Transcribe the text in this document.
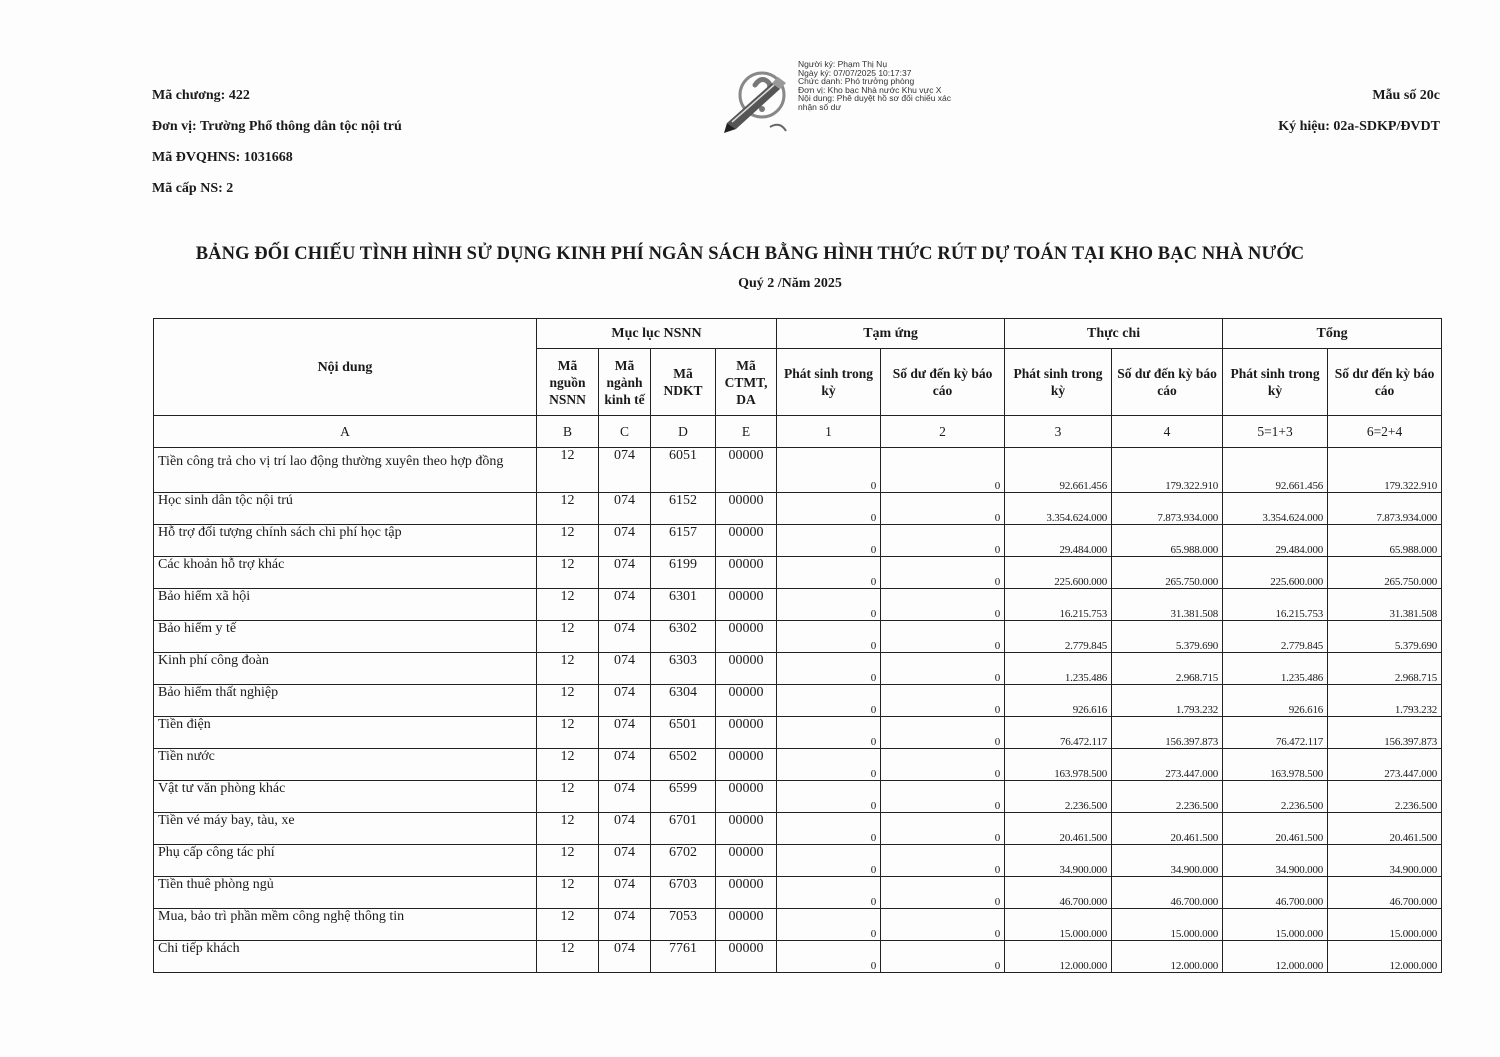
Mã chương: 422
Đơn vị: Trường Phổ thông dân tộc nội trú
Mã ĐVQHNS: 1031668
Mã cấp NS: 2
Người ký: Phạm Thị Nụ
Ngày ký: 07/07/2025 10:17:37
Chức danh: Phó trưởng phòng
Đơn vị: Kho bạc Nhà nước Khu vực X
Nội dung: Phê duyệt hồ sơ đối chiếu xác nhận số dư
Mẫu số 20c
Ký hiệu: 02a-SDKP/ĐVDT
BẢNG ĐỐI CHIẾU TÌNH HÌNH SỬ DỤNG KINH PHÍ NGÂN SÁCH BẰNG HÌNH THỨC RÚT DỰ TOÁN TẠI KHO BẠC NHÀ NƯỚC
Quý 2 /Năm 2025
Nội dung	Mục lục NSNN				Tạm ứng		Thực chi		Tổng	
	Mã nguồn NSNN	Mã ngành kinh tế	Mã NDKT	Mã CTMT, DA	Phát sinh trong kỳ	Số dư đến kỳ báo cáo	Phát sinh trong kỳ	Số dư đến kỳ báo cáo	Phát sinh trong kỳ	Số dư đến kỳ báo cáo
A	B	C	D	E	1	2	3	4	5=1+3	6=2+4
Tiền công trả cho vị trí lao động thường xuyên theo hợp đồng	12	074	6051	00000	0	0	92.661.456	179.322.910	92.661.456	179.322.910
Học sinh dân tộc nội trú	12	074	6152	00000	0	0	3.354.624.000	7.873.934.000	3.354.624.000	7.873.934.000
Hỗ trợ đối tượng chính sách chi phí học tập	12	074	6157	00000	0	0	29.484.000	65.988.000	29.484.000	65.988.000
Các khoản hỗ trợ khác	12	074	6199	00000	0	0	225.600.000	265.750.000	225.600.000	265.750.000
Bảo hiểm xã hội	12	074	6301	00000	0	0	16.215.753	31.381.508	16.215.753	31.381.508
Bảo hiểm y tế	12	074	6302	00000	0	0	2.779.845	5.379.690	2.779.845	5.379.690
Kinh phí công đoàn	12	074	6303	00000	0	0	1.235.486	2.968.715	1.235.486	2.968.715
Bảo hiểm thất nghiệp	12	074	6304	00000	0	0	926.616	1.793.232	926.616	1.793.232
Tiền điện	12	074	6501	00000	0	0	76.472.117	156.397.873	76.472.117	156.397.873
Tiền nước	12	074	6502	00000	0	0	163.978.500	273.447.000	163.978.500	273.447.000
Vật tư văn phòng khác	12	074	6599	00000	0	0	2.236.500	2.236.500	2.236.500	2.236.500
Tiền vé máy bay, tàu, xe	12	074	6701	00000	0	0	20.461.500	20.461.500	20.461.500	20.461.500
Phụ cấp công tác phí	12	074	6702	00000	0	0	34.900.000	34.900.000	34.900.000	34.900.000
Tiền thuê phòng ngủ	12	074	6703	00000	0	0	46.700.000	46.700.000	46.700.000	46.700.000
Mua, bảo trì phần mềm công nghệ thông tin	12	074	7053	00000	0	0	15.000.000	15.000.000	15.000.000	15.000.000
Chi tiếp khách	12	074	7761	00000	0	0	12.000.000	12.000.000	12.000.000	12.000.000
